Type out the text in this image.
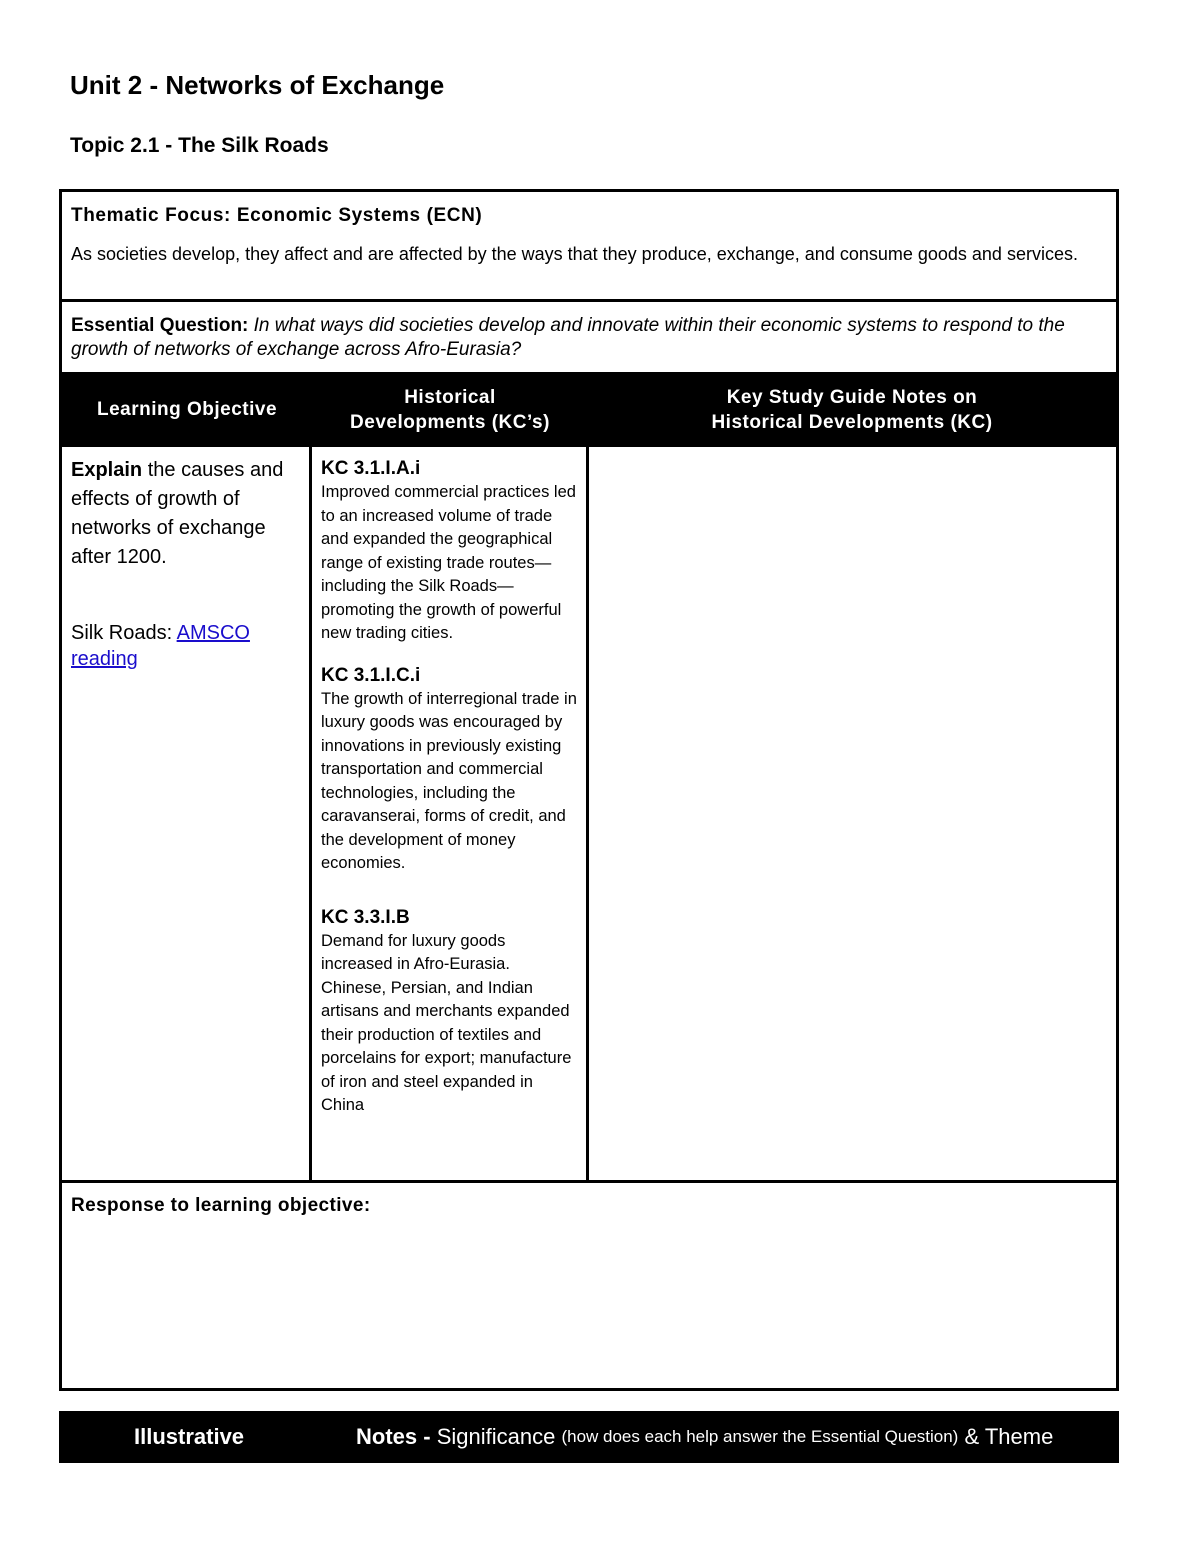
Unit 2 - Networks of Exchange
Topic 2.1 - The Silk Roads
Thematic Focus: Economic Systems (ECN)
As societies develop, they affect and are affected by the ways that they produce, exchange, and consume goods and services.
Essential Question: In what ways did societies develop and innovate within their economic systems to respond to the growth of networks of exchange across Afro-Eurasia?
Learning Objective
Historical
Developments (KC’s)
Key Study Guide Notes on
Historical Developments (KC)
Explain the causes and effects of growth of networks of exchange after 1200.
Silk Roads: AMSCO reading
KC 3.1.I.A.i
Improved commercial practices led to an increased volume of trade and expanded the geographical range of existing trade routes— including the Silk Roads—promoting the growth of powerful new trading cities.
KC 3.1.I.C.i
The growth of interregional trade in luxury goods was encouraged by innovations in previously existing transportation and commercial technologies, including the caravanserai, forms of credit, and the development of money economies.
KC 3.3.I.B
Demand for luxury goods increased in Afro-Eurasia. Chinese, Persian, and Indian artisans and merchants expanded their production of textiles and porcelains for export; manufacture of iron and steel expanded in China
Response to learning objective:
Illustrative	Notes -
Significance
(how does each help answer the Essential Question)
& Theme
